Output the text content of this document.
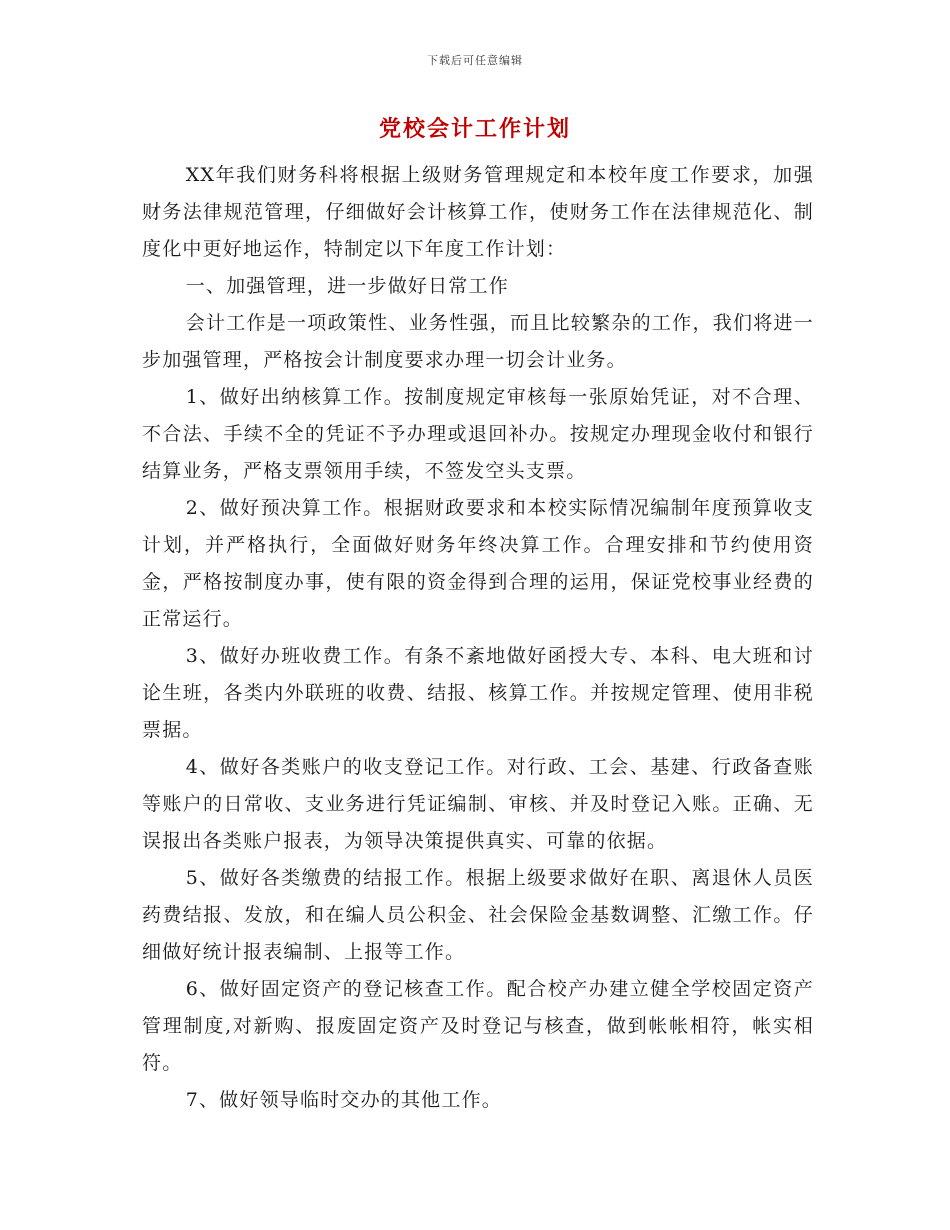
下载后可任意编辑
党校会计工作计划

XX年我们财务科将根据上级财务管理规定和本校年度工作要求，加强财务法律规范管理，仔细做好会计核算工作，使财务工作在法律规范化、制度化中更好地运作，特制定以下年度工作计划：

一、加强管理，进一步做好日常工作

会计工作是一项政策性、业务性强，而且比较繁杂的工作，我们将进一步加强管理，严格按会计制度要求办理一切会计业务。

1、做好出纳核算工作。按制度规定审核每一张原始凭证，对不合理、不合法、手续不全的凭证不予办理或退回补办。按规定办理现金收付和银行结算业务，严格支票领用手续，不签发空头支票。

2、做好预决算工作。根据财政要求和本校实际情况编制年度预算收支计划，并严格执行，全面做好财务年终决算工作。合理安排和节约使用资金，严格按制度办事，使有限的资金得到合理的运用，保证党校事业经费的正常运行。

3、做好办班收费工作。有条不紊地做好函授大专、本科、电大班和讨论生班，各类内外联班的收费、结报、核算工作。并按规定管理、使用非税票据。

4、做好各类账户的收支登记工作。对行政、工会、基建、行政备查账等账户的日常收、支业务进行凭证编制、审核、并及时登记入账。正确、无误报出各类账户报表，为领导决策提供真实、可靠的依据。

5、做好各类缴费的结报工作。根据上级要求做好在职、离退休人员医药费结报、发放，和在编人员公积金、社会保险金基数调整、汇缴工作。仔细做好统计报表编制、上报等工作。

6、做好固定资产的登记核查工作。配合校产办建立健全学校固定资产管理制度,对新购、报废固定资产及时登记与核查，做到帐帐相符，帐实相符。

7、做好领导临时交办的其他工作。
